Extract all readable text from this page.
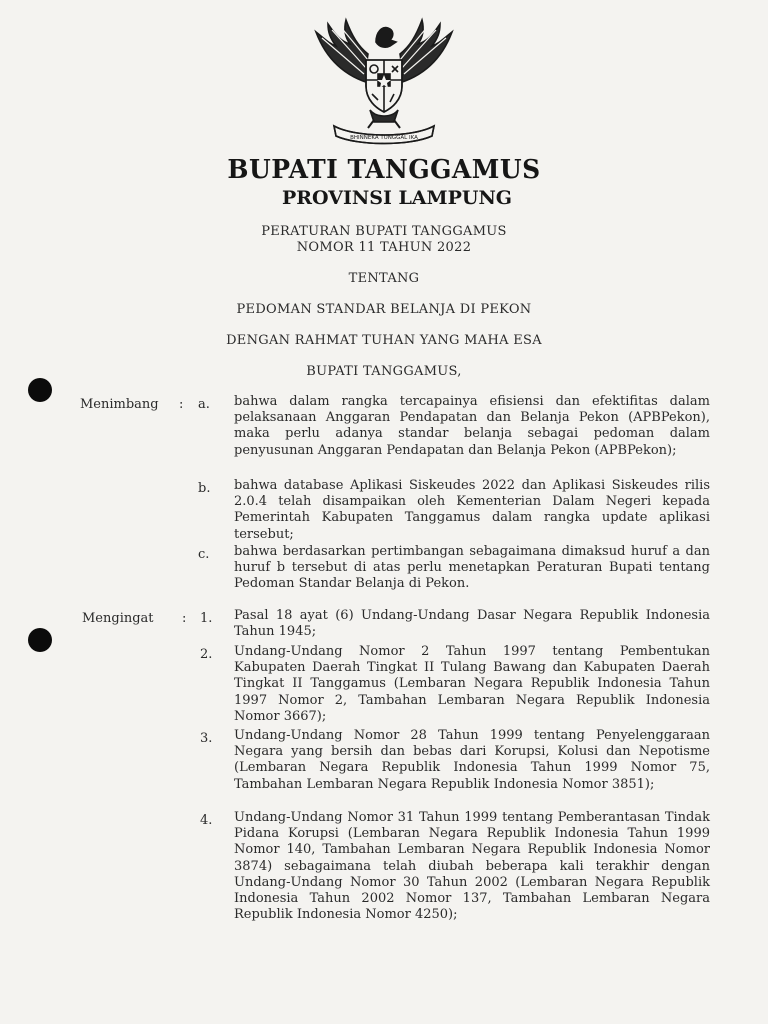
BHINNEKA TUNGGAL IKA
BUPATI TANGGAMUS
PROVINSI LAMPUNG
PERATURAN BUPATI TANGGAMUS
NOMOR 11 TAHUN 2022
TENTANG
PEDOMAN STANDAR BELANJA DI PEKON
DENGAN RAHMAT TUHAN YANG MAHA ESA
BUPATI TANGGAMUS,
Menimbang : a. bahwa dalam rangka tercapainya efisiensi dan efektifitas dalam pelaksanaan Anggaran Pendapatan dan Belanja Pekon (APBPekon), maka perlu adanya standar belanja sebagai pedoman dalam penyusunan Anggaran Pendapatan dan Belanja Pekon (APBPekon);
b. bahwa database Aplikasi Siskeudes 2022 dan Aplikasi Siskeudes rilis 2.0.4 telah disampaikan oleh Kementerian Dalam Negeri kepada Pemerintah Kabupaten Tanggamus dalam rangka update aplikasi tersebut;
c. bahwa berdasarkan pertimbangan sebagaimana dimaksud huruf a dan huruf b tersebut di atas perlu menetapkan Peraturan Bupati tentang Pedoman Standar Belanja di Pekon.
Mengingat : 1. Pasal 18 ayat (6) Undang-Undang Dasar Negara Republik Indonesia Tahun 1945;
2. Undang-Undang Nomor 2 Tahun 1997 tentang Pembentukan Kabupaten Daerah Tingkat II Tulang Bawang dan Kabupaten Daerah Tingkat II Tanggamus (Lembaran Negara Republik Indonesia Tahun 1997 Nomor 2, Tambahan Lembaran Negara Republik Indonesia Nomor 3667);
3. Undang-Undang Nomor 28 Tahun 1999 tentang Penyelenggaraan Negara yang bersih dan bebas dari Korupsi, Kolusi dan Nepotisme (Lembaran Negara Republik Indonesia Tahun 1999 Nomor 75, Tambahan Lembaran Negara Republik Indonesia Nomor 3851);
4. Undang-Undang Nomor 31 Tahun 1999 tentang Pemberantasan Tindak Pidana Korupsi (Lembaran Negara Republik Indonesia Tahun 1999 Nomor 140, Tambahan Lembaran Negara Republik Indonesia Nomor 3874) sebagaimana telah diubah beberapa kali terakhir dengan Undang-Undang Nomor 30 Tahun 2002 (Lembaran Negara Republik Indonesia Tahun 2002 Nomor 137, Tambahan Lembaran Negara Republik Indonesia Nomor 4250);
